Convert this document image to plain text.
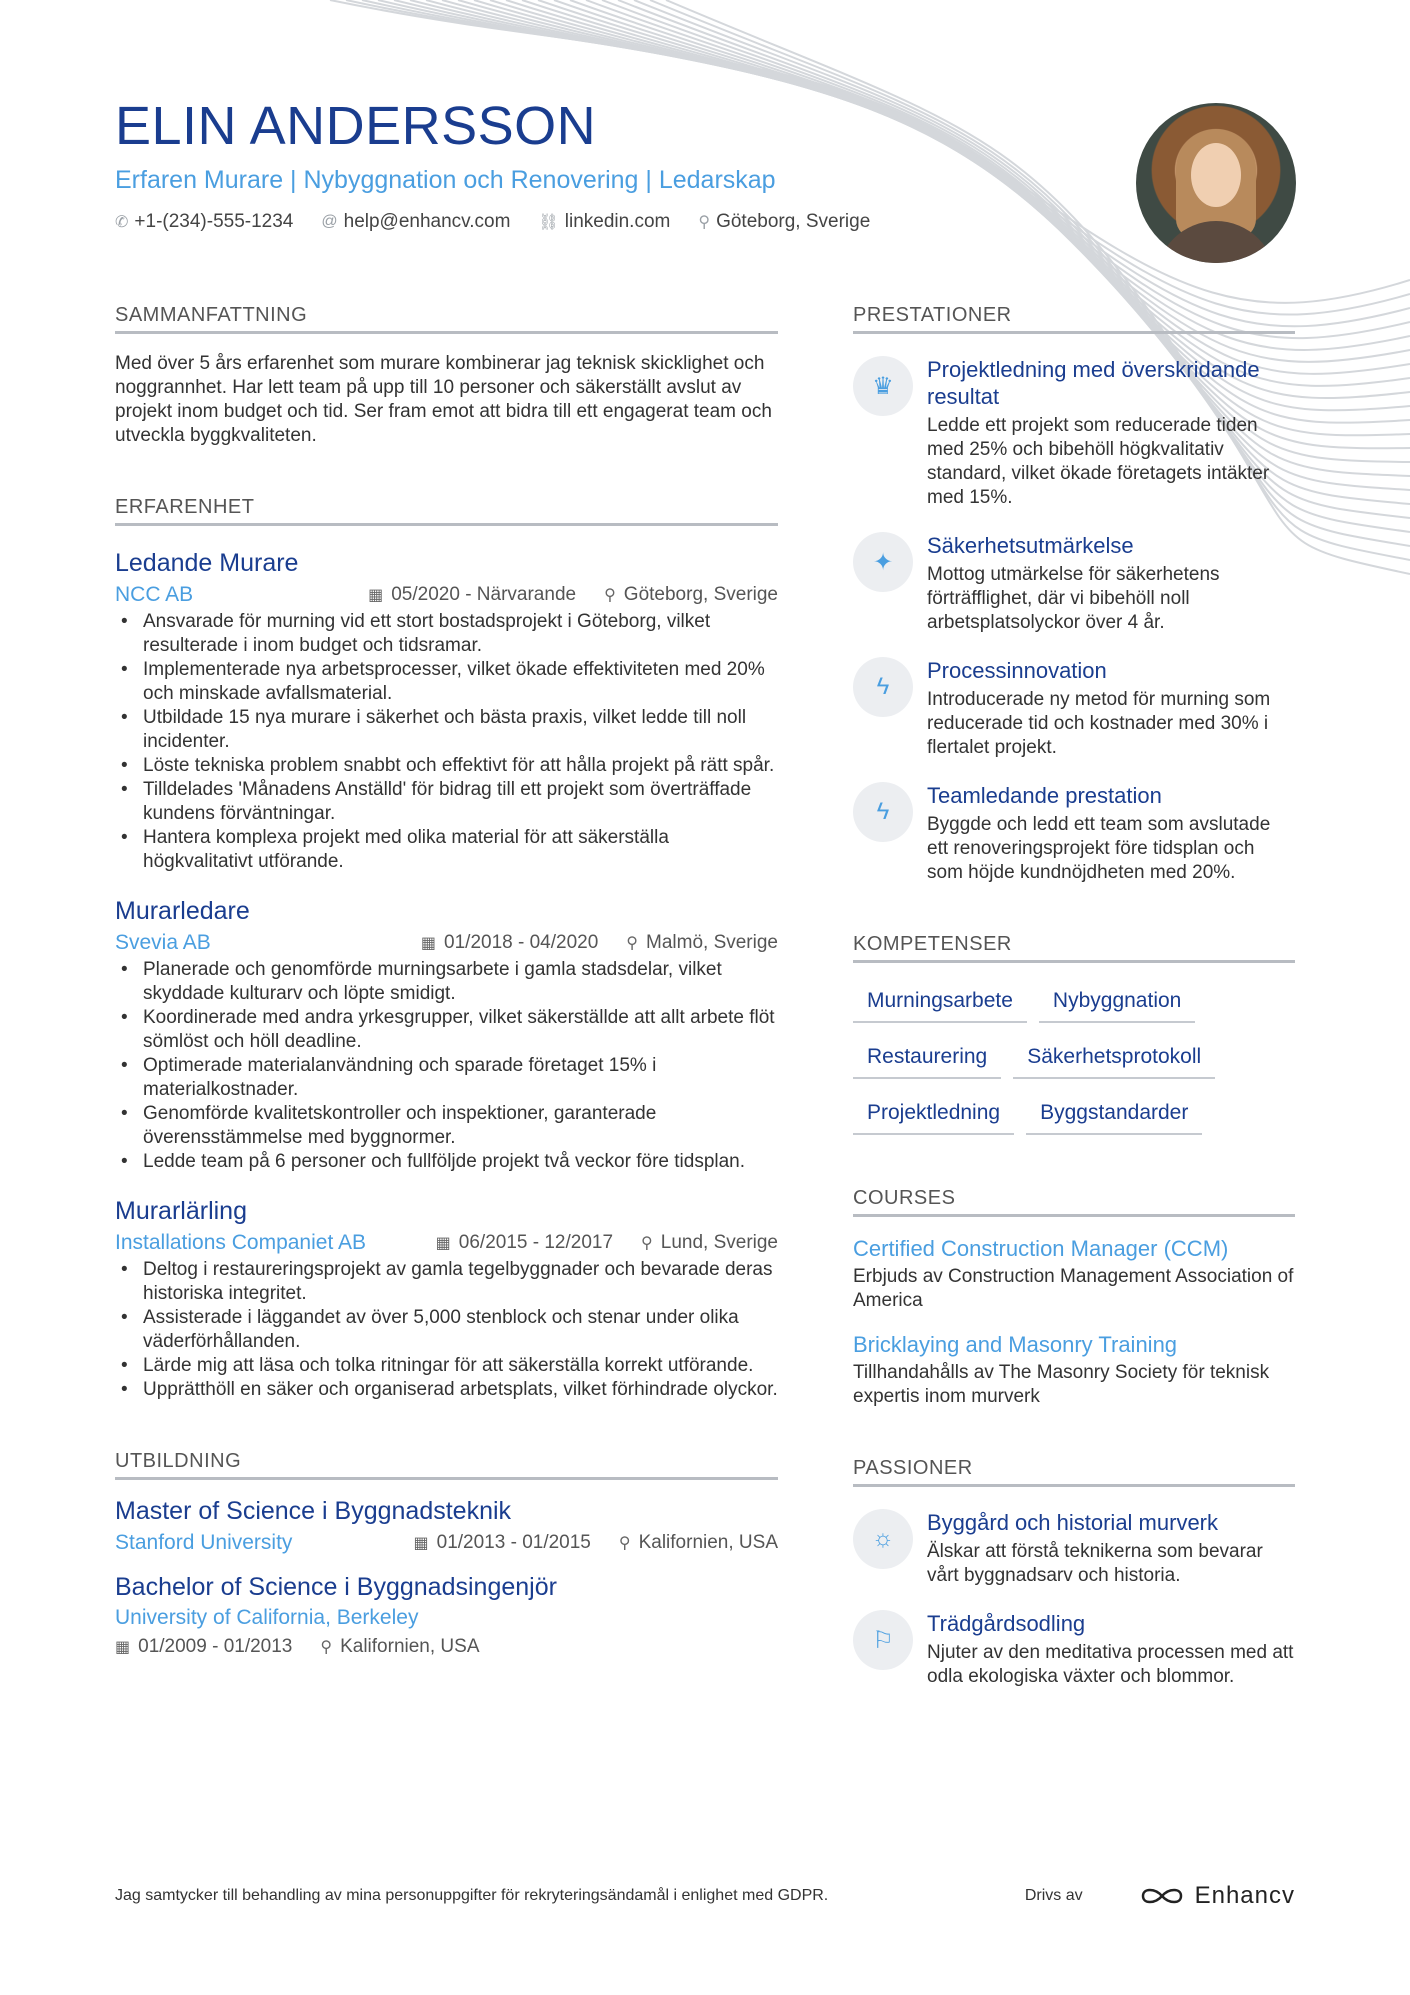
ELIN ANDERSSON
Erfaren Murare | Nybyggnation och Renovering | Ledarskap
✆ +1-(234)-555-1234 @ help@enhancv.com ⛓ linkedin.com ⚲ Göteborg, Sverige
SAMMANFATTNING
Med över 5 års erfarenhet som murare kombinerar jag teknisk skicklighet och noggrannhet. Har lett team på upp till 10 personer och säkerställt avslut av projekt inom budget och tid. Ser fram emot att bidra till ett engagerat team och utveckla byggkvaliteten.
ERFARENHET
Ledande Murare
NCC AB	▦ 05/2020 - Närvarande ⚲ Göteborg, Sverige
• Ansvarade för murning vid ett stort bostadsprojekt i Göteborg, vilket resulterade i inom budget och tidsramar.
• Implementerade nya arbetsprocesser, vilket ökade effektiviteten med 20% och minskade avfallsmaterial.
• Utbildade 15 nya murare i säkerhet och bästa praxis, vilket ledde till noll incidenter.
• Löste tekniska problem snabbt och effektivt för att hålla projekt på rätt spår.
• Tilldelades 'Månadens Anställd' för bidrag till ett projekt som överträffade kundens förväntningar.
• Hantera komplexa projekt med olika material för att säkerställa högkvalitativt utförande.
Murarledare
Svevia AB	▦ 01/2018 - 04/2020 ⚲ Malmö, Sverige
• Planerade och genomförde murningsarbete i gamla stadsdelar, vilket skyddade kulturarv och löpte smidigt.
• Koordinerade med andra yrkesgrupper, vilket säkerställde att allt arbete flöt sömlöst och höll deadline.
• Optimerade materialanvändning och sparade företaget 15% i materialkostnader.
• Genomförde kvalitetskontroller och inspektioner, garanterade överensstämmelse med byggnormer.
• Ledde team på 6 personer och fullföljde projekt två veckor före tidsplan.
Murarlärling
Installations Companiet AB	▦ 06/2015 - 12/2017 ⚲ Lund, Sverige
• Deltog i restaureringsprojekt av gamla tegelbyggnader och bevarade deras historiska integritet.
• Assisterade i läggandet av över 5,000 stenblock och stenar under olika väderförhållanden.
• Lärde mig att läsa och tolka ritningar för att säkerställa korrekt utförande.
• Upprätthöll en säker och organiserad arbetsplats, vilket förhindrade olyckor.
UTBILDNING
Master of Science i Byggnadsteknik
Stanford University	▦ 01/2013 - 01/2015 ⚲ Kalifornien, USA
Bachelor of Science i Byggnadsingenjör
University of California, Berkeley
▦ 01/2009 - 01/2013 ⚲ Kalifornien, USA
PRESTATIONER
♛
Projektledning med överskridande resultat
Ledde ett projekt som reducerade tiden med 25% och bibehöll högkvalitativ standard, vilket ökade företagets intäkter med 15%.
✦
Säkerhetsutmärkelse
Mottog utmärkelse för säkerhetens förträfflighet, där vi bibehöll noll arbetsplatsolyckor över 4 år.
ϟ
Processinnovation
Introducerade ny metod för murning som reducerade tid och kostnader med 30% i flertalet projekt.
ϟ
Teamledande prestation
Byggde och ledd ett team som avslutade ett renoveringsprojekt före tidsplan och som höjde kundnöjdheten med 20%.
KOMPETENSER
Murningsarbete	Nybyggnation
Restaurering	Säkerhetsprotokoll
Projektledning	Byggstandarder
COURSES
Certified Construction Manager (CCM)
Erbjuds av Construction Management Association of America
Bricklaying and Masonry Training
Tillhandahålls av The Masonry Society för teknisk expertis inom murverk
PASSIONER
☼
Byggård och historial murverk
Älskar att förstå teknikerna som bevarar vårt byggnadsarv och historia.
⚐
Trädgårdsodling
Njuter av den meditativa processen med att odla ekologiska växter och blommor.
Jag samtycker till behandling av mina personuppgifter för rekryteringsändamål i enlighet med GDPR.	Drivs av	Enhancv
